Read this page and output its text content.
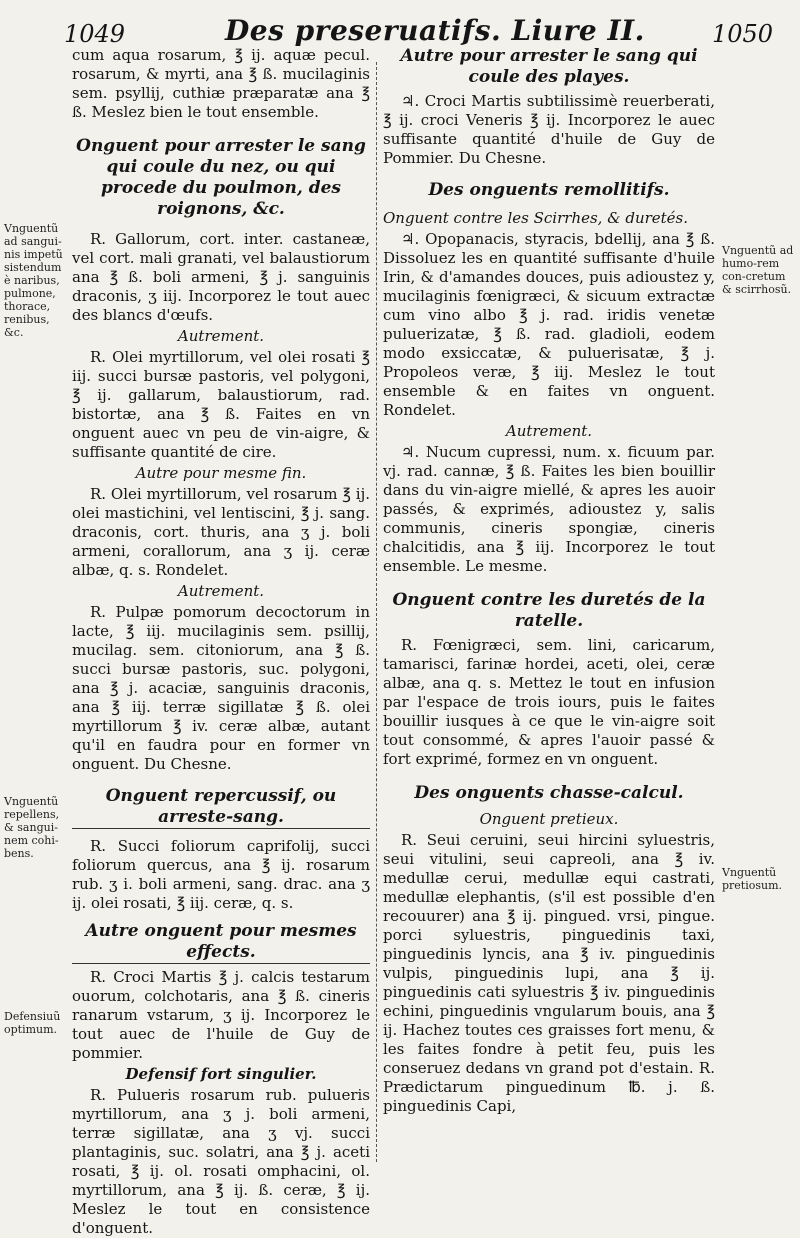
1049	Des preseruatifs. Liure II.	1050
Vnguentũ ad sangui-nis impetũ sistendum è naribus, pulmone, thorace, renibus, &c.
Vnguentũ repellens, & sangui-nem cohi-bens.
Defensiuũ optimum.
Vnguentũ ad humo-rem con-cretum & scirrhosũ.
Vnguentũ pretiosum.

cum aqua rosarum, ℥ ij. aquæ pecul. rosarum, & myrti, ana ℥ ß. mucilaginis sem. psyllij, cuthiæ præparatæ ana ℥ ß. Meslez bien le tout ensemble.

Onguent pour arrester le sang qui coule du nez, ou qui procede du poulmon, des roignons, &c.

R. Gallorum, cort. inter. castaneæ, vel cort. mali granati, vel balaustiorum ana ℥ ß. boli armeni, ℥ j. sanguinis draconis, ʒ iij. Incorporez le tout auec des blancs d'œufs.

Autrement.

R. Olei myrtillorum, vel olei rosati ℥ iij. succi bursæ pastoris, vel polygoni, ℥ ij. gallarum, balaustiorum, rad. bistortæ, ana ℥ ß. Faites en vn onguent auec vn peu de vin-aigre, & suffisante quantité de cire.

Autre pour mesme fin.

R. Olei myrtillorum, vel rosarum ℥ ij. olei mastichini, vel lentiscini, ℥ j. sang. draconis, cort. thuris, ana ʒ j. boli armeni, corallorum, ana ʒ ij. ceræ albæ, q. s. Rondelet.

Autrement.

R. Pulpæ pomorum decoctorum in lacte, ℥ iij. mucilaginis sem. psillij, mucilag. sem. citoniorum, ana ℥ ß. succi bursæ pastoris, suc. polygoni, ana ℥ j. acaciæ, sanguinis draconis, ana ℥ iij. terræ sigillatæ ℥ ß. olei myrtillorum ℥ iv. ceræ albæ, autant qu'il en faudra pour en former vn onguent. Du Chesne.

Onguent repercussif, ou arreste-sang.

R. Succi foliorum caprifolij, succi foliorum quercus, ana ℥ ij. rosarum rub. ʒ i. boli armeni, sang. drac. ana ʒ ij. olei rosati, ℥ iij. ceræ, q. s.

Autre onguent pour mesmes effects.

R. Croci Martis ℥ j. calcis testarum ouorum, colchotaris, ana ℥ ß. cineris ranarum vstarum, ʒ ij. Incorporez le tout auec de l'huile de Guy de pommier.

Defensif fort singulier.

R. Pulueris rosarum rub. pulueris myrtillorum, ana ʒ j. boli armeni, terræ sigillatæ, ana ʒ vj. succi plantaginis, suc. solatri, ana ℥ j. aceti rosati, ℥ ij. ol. rosati omphacini, ol. myrtillorum, ana ℥ ij. ß. ceræ, ℥ ij. Meslez le tout en consistence d'onguent.

Autre pour arrester le sang qui coule des playes.

♃. Croci Martis subtilissimè reuerberati, ℥ ij. croci Veneris ℥ ij. Incorporez le auec suffisante quantité d'huile de Guy de Pommier. Du Chesne.

Des onguents remollitifs.
Onguent contre les Scirrhes, & duretés.

♃. Opopanacis, styracis, bdellij, ana ℥ ß. Dissoluez les en quantité suffisante d'huile Irin, & d'amandes douces, puis adioustez y, mucilaginis fœnigræci, & sicuum extractæ cum vino albo ℥ j. rad. iridis venetæ puluerizatæ, ℥ ß. rad. gladioli, eodem modo exsiccatæ, & puluerisatæ, ℥ j. Propoleos veræ, ℥ iij. Meslez le tout ensemble & en faites vn onguent. Rondelet.

Autrement.

♃. Nucum cupressi, num. x. ficuum par. vj. rad. cannæ, ℥ ß. Faites les bien bouillir dans du vin-aigre miellé, & apres les auoir passés, & exprimés, adioustez y, salis communis, cineris spongiæ, cineris chalcitidis, ana ℥ iij. Incorporez le tout ensemble. Le mesme.

Onguent contre les duretés de la ratelle.

R. Fœnigræci, sem. lini, caricarum, tamarisci, farinæ hordei, aceti, olei, ceræ albæ, ana q. s. Mettez le tout en infusion par l'espace de trois iours, puis le faites bouillir iusques à ce que le vin-aigre soit tout consommé, & apres l'auoir passé & fort exprimé, formez en vn onguent.

Des onguents chasse-calcul.
Onguent pretieux.

R. Seui ceruini, seui hircini syluestris, seui vitulini, seui capreoli, ana ℥ iv. medullæ cerui, medullæ equi castrati, medullæ elephantis, (s'il est possible d'en recouurer) ana ℥ ij. pingued. vrsi, pingue. porci syluestris, pinguedinis taxi, pinguedinis lyncis, ana ℥ iv. pinguedinis vulpis, pinguedinis lupi, ana ℥ ij. pinguedinis cati syluestris ℥ iv. pinguedinis echini, pinguedinis vngularum bouis, ana ℥ ij. Hachez toutes ces graisses fort menu, & les faites fondre à petit feu, puis les conseruez dedans vn grand pot d'estain. R. Prædictarum pinguedinum ℔. j. ß. pinguedinis Capi,
